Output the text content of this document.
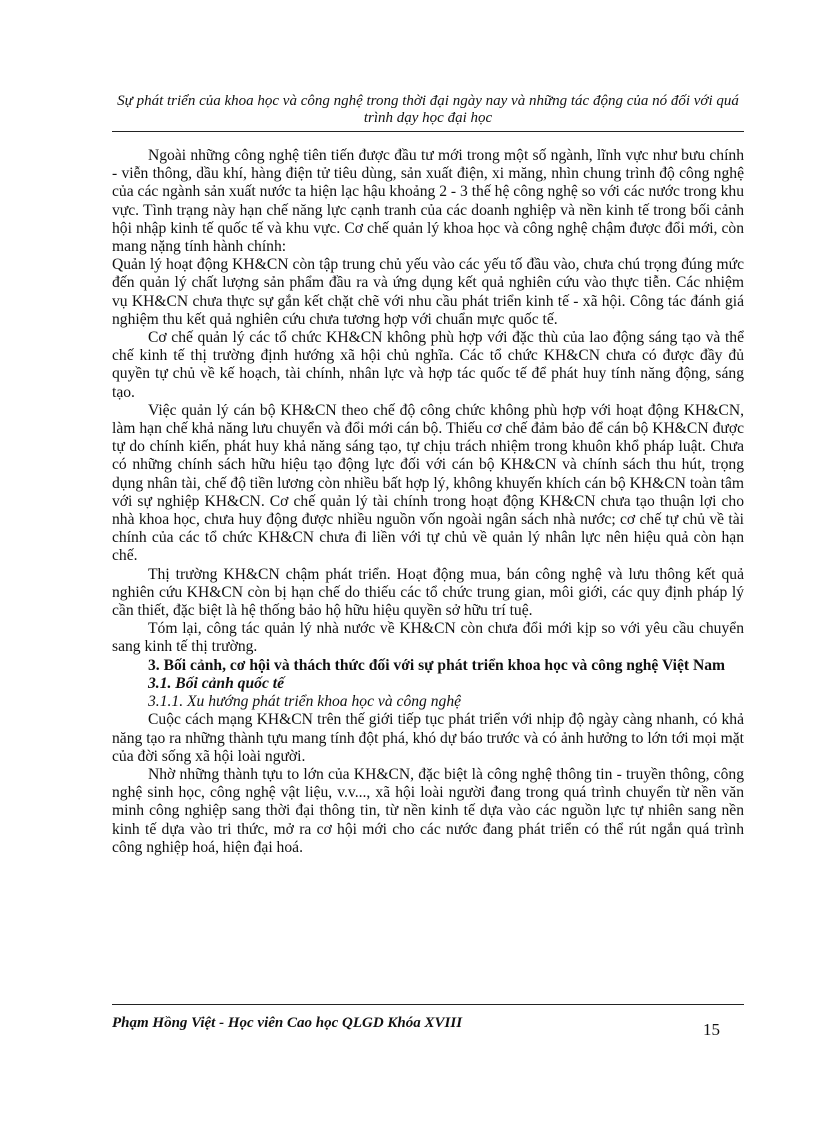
Sự phát triển của khoa học và công nghệ trong thời đại ngày nay và những tác động của nó đối với quá trình dạy học đại học

Ngoài những công nghệ tiên tiến được đầu tư mới trong một số ngành, lĩnh vực như bưu chính - viễn thông, dầu khí, hàng điện tử tiêu dùng, sản xuất điện, xi măng, nhìn chung trình độ công nghệ của các ngành sản xuất nước ta hiện lạc hậu khoảng 2 - 3 thế hệ công nghệ so với các nước trong khu vực. Tình trạng này hạn chế năng lực cạnh tranh của các doanh nghiệp và nền kinh tế trong bối cảnh hội nhập kinh tế quốc tế và khu vực. Cơ chế quản lý khoa học và công nghệ chậm được đổi mới, còn mang nặng tính hành chính:

Quản lý hoạt động KH&CN còn tập trung chủ yếu vào các yếu tố đầu vào, chưa chú trọng đúng mức đến quản lý chất lượng sản phẩm đầu ra và ứng dụng kết quả nghiên cứu vào thực tiễn. Các nhiệm vụ KH&CN chưa thực sự gắn kết chặt chẽ với nhu cầu phát triển kinh tế - xã hội. Công tác đánh giá nghiệm thu kết quả nghiên cứu chưa tương hợp với chuẩn mực quốc tế.

Cơ chế quản lý các tổ chức KH&CN không phù hợp với đặc thù của lao động sáng tạo và thể chế kinh tế thị trường định hướng xã hội chủ nghĩa. Các tổ chức KH&CN chưa có được đầy đủ quyền tự chủ về kế hoạch, tài chính, nhân lực và hợp tác quốc tế để phát huy tính năng động, sáng tạo.

Việc quản lý cán bộ KH&CN theo chế độ công chức không phù hợp với hoạt động KH&CN, làm hạn chế khả năng lưu chuyển và đổi mới cán bộ. Thiếu cơ chế đảm bảo để cán bộ KH&CN được tự do chính kiến, phát huy khả năng sáng tạo, tự chịu trách nhiệm trong khuôn khổ pháp luật. Chưa có những chính sách hữu hiệu tạo động lực đối với cán bộ KH&CN và chính sách thu hút, trọng dụng nhân tài, chế độ tiền lương còn nhiều bất hợp lý, không khuyến khích cán bộ KH&CN toàn tâm với sự nghiệp KH&CN. Cơ chế quản lý tài chính trong hoạt động KH&CN chưa tạo thuận lợi cho nhà khoa học, chưa huy động được nhiều nguồn vốn ngoài ngân sách nhà nước; cơ chế tự chủ về tài chính của các tổ chức KH&CN chưa đi liền với tự chủ về quản lý nhân lực nên hiệu quả còn hạn chế.

Thị trường KH&CN chậm phát triển. Hoạt động mua, bán công nghệ và lưu thông kết quả nghiên cứu KH&CN còn bị hạn chế do thiếu các tổ chức trung gian, môi giới, các quy định pháp lý cần thiết, đặc biệt là hệ thống bảo hộ hữu hiệu quyền sở hữu trí tuệ.

Tóm lại, công tác quản lý nhà nước về KH&CN còn chưa đổi mới kịp so với yêu cầu chuyển sang kinh tế thị trường.

3. Bối cảnh, cơ hội và thách thức đối với sự phát triển khoa học và công nghệ Việt Nam

3.1. Bối cảnh quốc tế

3.1.1. Xu hướng phát triển khoa học và công nghệ

Cuộc cách mạng KH&CN trên thế giới tiếp tục phát triển với nhịp độ ngày càng nhanh, có khả năng tạo ra những thành tựu mang tính đột phá, khó dự báo trước và có ảnh hưởng to lớn tới mọi mặt của đời sống xã hội loài người.

Nhờ những thành tựu to lớn của KH&CN, đặc biệt là công nghệ thông tin - truyền thông, công nghệ sinh học, công nghệ vật liệu, v.v..., xã hội loài người đang trong quá trình chuyển từ nền văn minh công nghiệp sang thời đại thông tin, từ nền kinh tế dựa vào các nguồn lực tự nhiên sang nền kinh tế dựa vào tri thức, mở ra cơ hội mới cho các nước đang phát triển có thể rút ngắn quá trình công nghiệp hoá, hiện đại hoá.

Phạm Hồng Việt - Học viên Cao học QLGD Khóa XVIII	15
